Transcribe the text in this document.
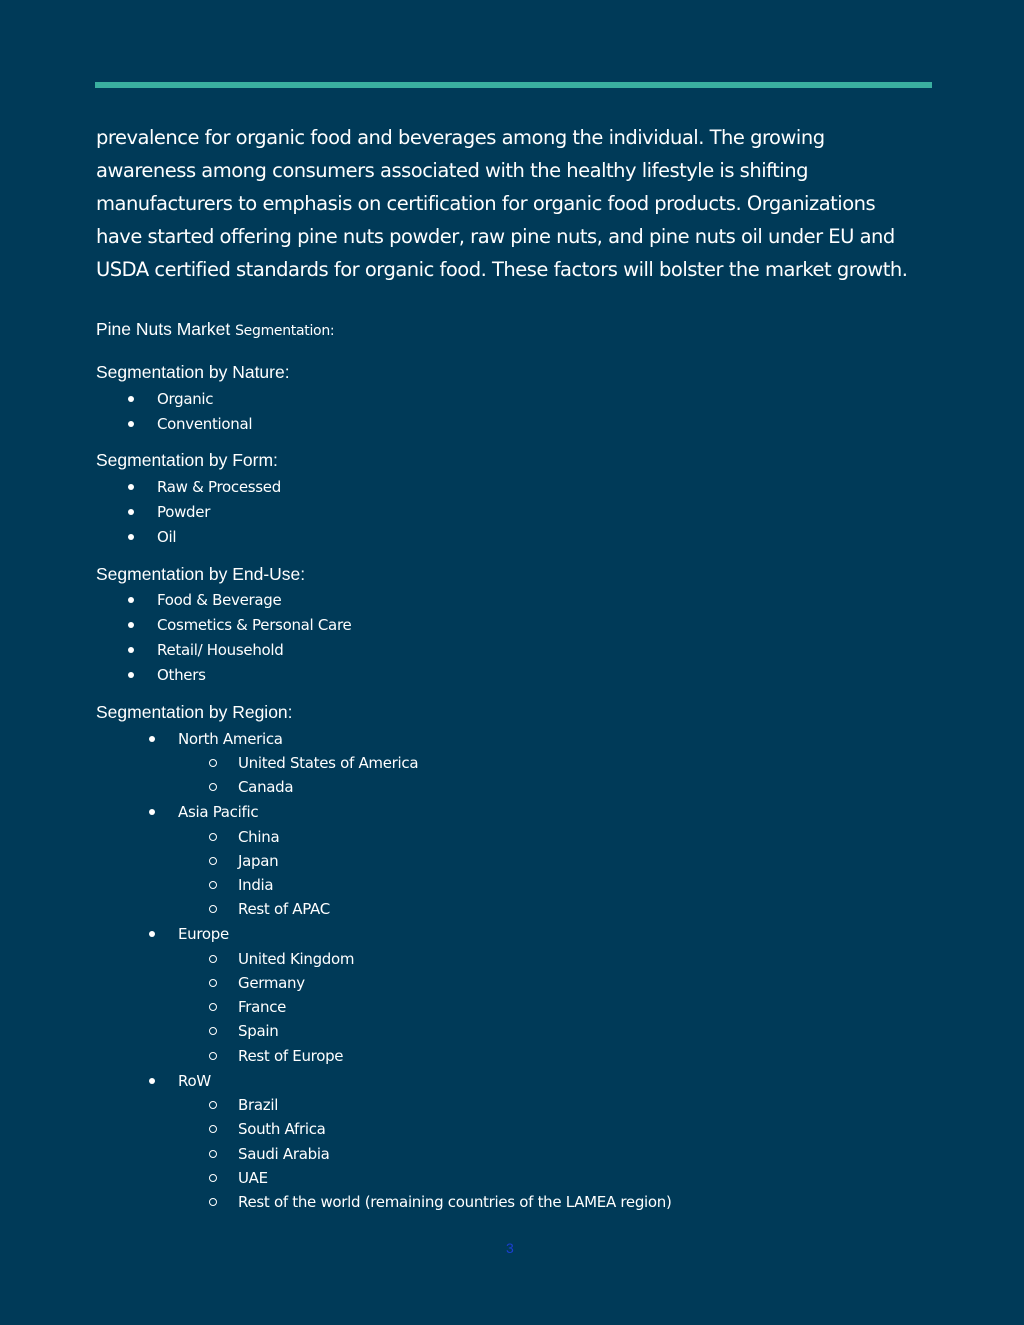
prevalence for organic food and beverages among the individual. The growing awareness among consumers associated with the healthy lifestyle is shifting manufacturers to emphasis on certification for organic food products. Organizations have started offering pine nuts powder, raw pine nuts, and pine nuts oil under EU and USDA certified standards for organic food. These factors will bolster the market growth.

Pine Nuts Market Segmentation:

Segmentation by Nature:

Organic

Conventional

Segmentation by Form:

Raw & Processed

Powder

Oil

Segmentation by End-Use:

Food & Beverage

Cosmetics & Personal Care

Retail/ Household

Others

Segmentation by Region:

North America

United States of America

Canada

Asia Pacific

China

Japan

India

Rest of APAC

Europe

United Kingdom

Germany

France

Spain

Rest of Europe

RoW

Brazil

South Africa

Saudi Arabia

UAE

Rest of the world (remaining countries of the LAMEA region)

3
